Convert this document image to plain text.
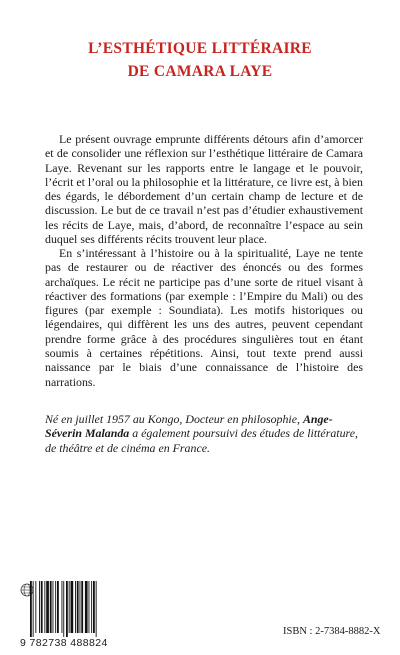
L’ESTHÉTIQUE LITTÉRAIRE
DE CAMARA LAYE

Le présent ouvrage emprunte différents détours afin d’amorcer et de consolider une réflexion sur l’esthétique littéraire de Camara Laye. Revenant sur les rapports entre le langage et le pouvoir, l’écrit et l’oral ou la philosophie et la littérature, ce livre est, à bien des égards, le débordement d’un certain champ de lecture et de discussion. Le but de ce travail n’est pas d’étudier exhaustivement les récits de Laye, mais, d’abord, de reconnaître l’espace au sein duquel ses différents récits trouvent leur place.

En s’intéressant à l’histoire ou à la spiritualité, Laye ne tente pas de restaurer ou de réactiver des énoncés ou des formes archaïques. Le récit ne participe pas d’une sorte de rituel visant à réactiver des formations (par exemple : l’Empire du Mali) ou des figures (par exemple : Soundiata). Les motifs historiques ou légendaires, qui diffèrent les uns des autres, peuvent cependant prendre forme grâce à des procédures singulières tout en étant soumis à certaines répétitions. Ainsi, tout texte prend aussi naissance par le biais d’une connaissance de l’histoire des narrations.

Né en juillet 1957 au Kongo, Docteur en philosophie, Ange-Séverin Malanda a également poursuivi des études de littérature, de théâtre et de cinéma en France.

9 782738 488824
ISBN : 2-7384-8882-X
